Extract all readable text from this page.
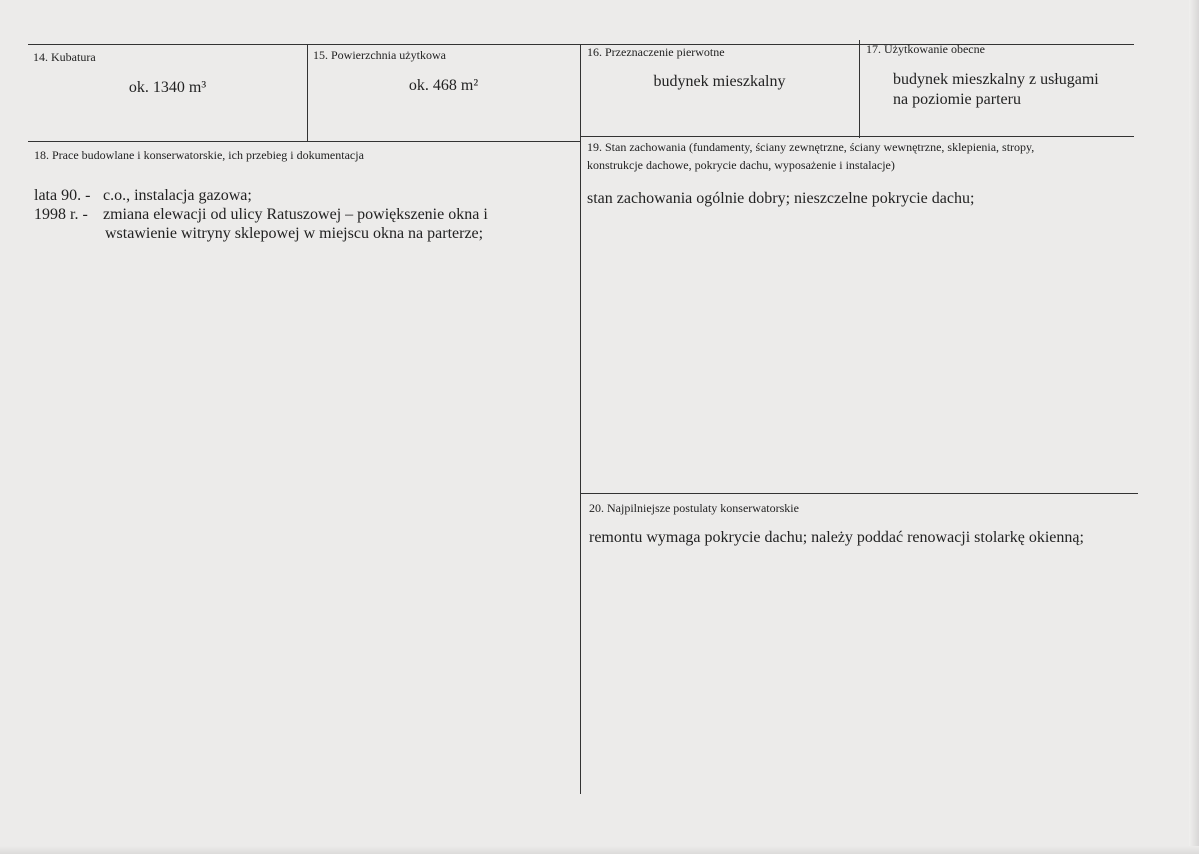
14. Kubatura
ok. 1340 m³
15. Powierzchnia użytkowa
ok. 468 m²
16. Przeznaczenie pierwotne
budynek mieszkalny
17. Użytkowanie obecne
budynek mieszkalny z usługami
na poziomie parteru
18. Prace budowlane i konserwatorskie, ich przebieg i dokumentacja
lata 90. - c.o., instalacja gazowa;
1998 r. - zmiana elewacji od ulicy Ratuszowej – powiększenie okna i
wstawienie witryny sklepowej w miejscu okna na parterze;
19. Stan zachowania (fundamenty, ściany zewnętrzne, ściany wewnętrzne, sklepienia, stropy,
konstrukcje dachowe, pokrycie dachu, wyposażenie i instalacje)
stan zachowania ogólnie dobry; nieszczelne pokrycie dachu;
20. Najpilniejsze postulaty konserwatorskie
remontu wymaga pokrycie dachu; należy poddać renowacji stolarkę okienną;
